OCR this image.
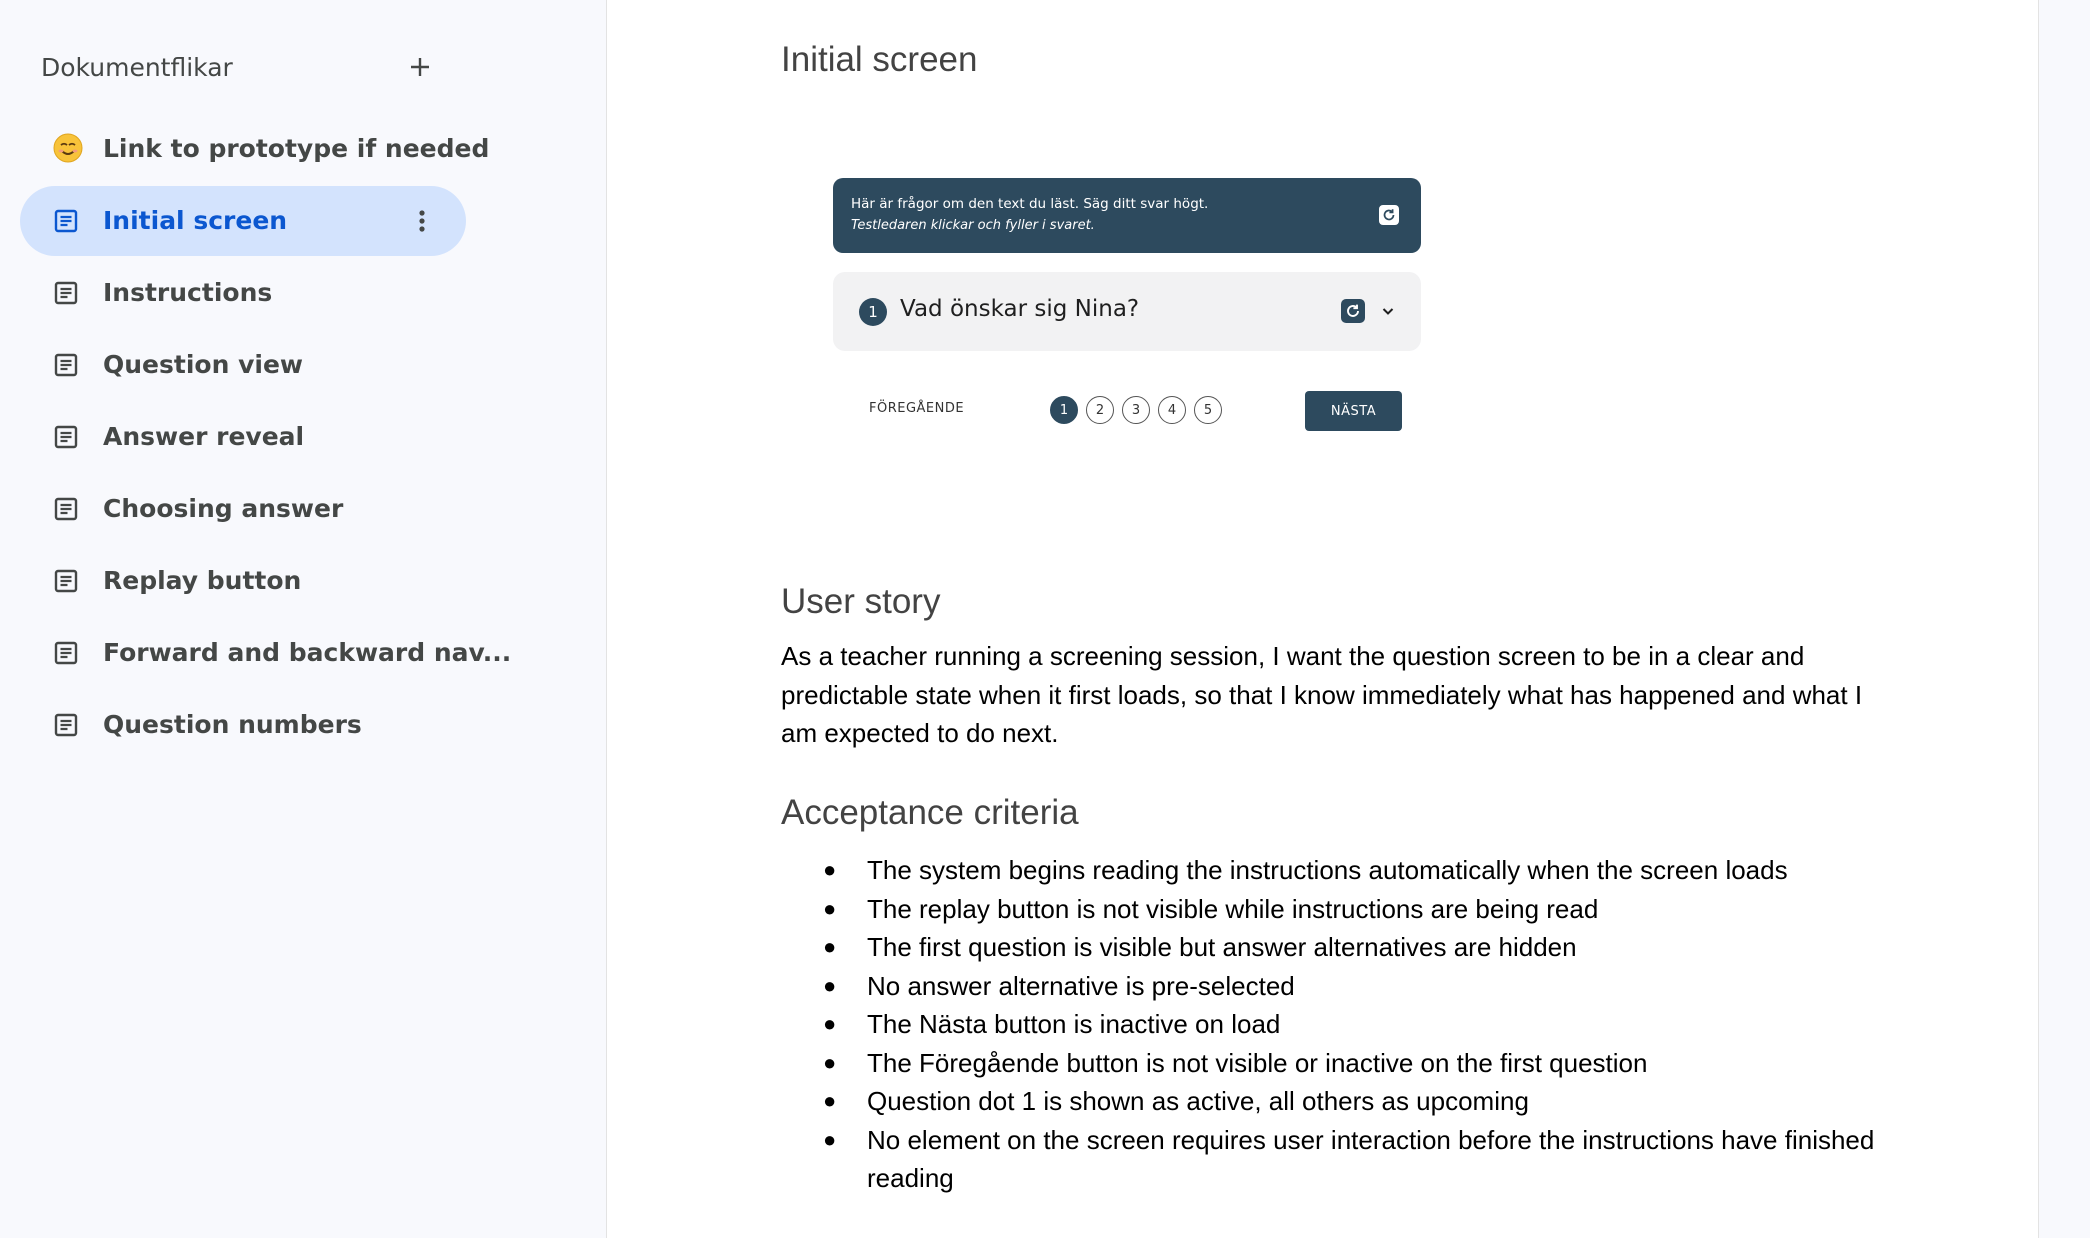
Dokumentflikar
Link to prototype if needed
Initial screen
Instructions
Question view
Answer reveal
Choosing answer
Replay button
Forward and backward nav...
Question numbers
Initial screen
Här är frågor om den text du läst. Säg ditt svar högt.
Testledaren klickar och fyller i svaret.
1 Vad önskar sig Nina?
FÖREGÅENDE	1	2	3	4	5	NÄSTA
User story
As a teacher running a screening session, I want the question screen to be in a clear and predictable state when it first loads, so that I know immediately what has happened and what I am expected to do next.
Acceptance criteria
● The system begins reading the instructions automatically when the screen loads
● The replay button is not visible while instructions are being read
● The first question is visible but answer alternatives are hidden
● No answer alternative is pre-selected
● The Nästa button is inactive on load
● The Föregående button is not visible or inactive on the first question
● Question dot 1 is shown as active, all others as upcoming
● No element on the screen requires user interaction before the instructions have finished reading
